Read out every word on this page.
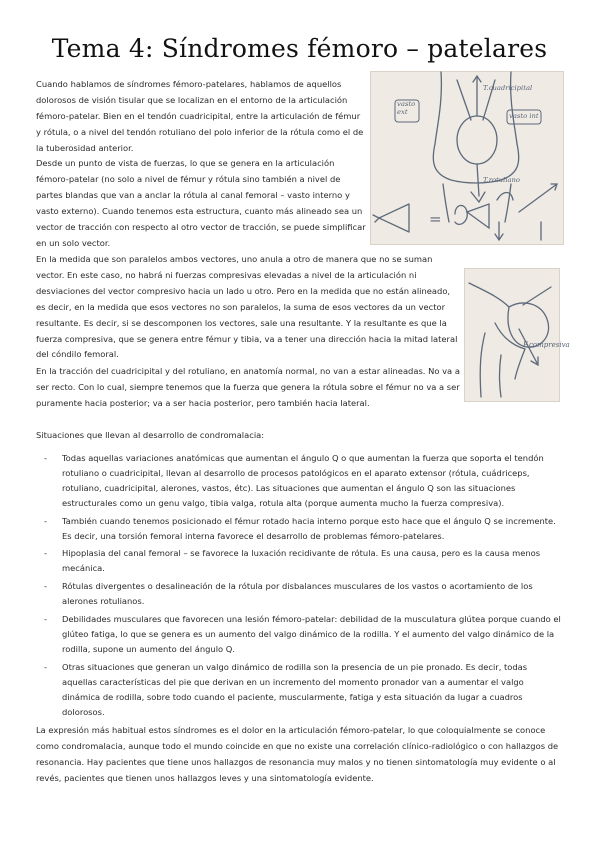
Tema 4: Síndromes fémoro – patelares

Cuando hablamos de síndromes fémoro-patelares, hablamos de aquellos dolorosos de visión tisular que se localizan en el entorno de la articulación fémoro-patelar. Bien en el tendón cuadricipital, entre la articulación de fémur y rótula, o a nivel del tendón rotuliano del polo inferior de la rótula como el de la tuberosidad anterior.

Desde un punto de vista de fuerzas, lo que se genera en la articulación fémoro-patelar (no solo a nivel de fémur y rótula sino también a nivel de partes blandas que van a anclar la rótula al canal femoral – vasto interno y vasto externo). Cuando tenemos esta estructura, cuanto más alineado sea un vector de tracción con respecto al otro vector de tracción, se puede simplificar en un solo vector.

vasto ext	vasto int
T.cuadricipital
T.rotuliano
=

En la medida que son paralelos ambos vectores, uno anula a otro de manera que no se suman vector. En este caso, no habrá ni fuerzas compresivas elevadas a nivel de la articulación ni desviaciones del vector compresivo hacia un lado u otro. Pero en la medida que no están alineado, es decir, en la medida que esos vectores no son paralelos, la suma de esos vectores da un vector resultante. Es decir, si se descomponen los vectores, sale una resultante. Y la resultante es que la fuerza compresiva, que se genera entre fémur y tibia, va a tener una dirección hacia la mitad lateral del cóndilo femoral.

F.compresiva

En la tracción del cuadricipital y del rotuliano, en anatomía normal, no van a estar alineadas. No va a ser recto. Con lo cual, siempre tenemos que la fuerza que genera la rótula sobre el fémur no va a ser puramente hacia posterior; va a ser hacia posterior, pero también hacia lateral.

Situaciones que llevan al desarrollo de condromalacia:

- Todas aquellas variaciones anatómicas que aumentan el ángulo Q o que aumentan la fuerza que soporta el tendón rotuliano o cuadricipital, llevan al desarrollo de procesos patológicos en el aparato extensor (rótula, cuádriceps, rotuliano, cuadricipital, alerones, vastos, étc). Las situaciones que aumentan el ángulo Q son las situaciones estructurales como un genu valgo, tibia valga, rotula alta (porque aumenta mucho la fuerza compresiva).
- También cuando tenemos posicionado el fémur rotado hacia interno porque esto hace que el ángulo Q se incremente. Es decir, una torsión femoral interna favorece el desarrollo de problemas fémoro-patelares.
- Hipoplasia del canal femoral – se favorece la luxación recidivante de rótula. Es una causa, pero es la causa menos mecánica.
- Rótulas divergentes o desalineación de la rótula por disbalances musculares de los vastos o acortamiento de los alerones rotulianos.
- Debilidades musculares que favorecen una lesión fémoro-patelar: debilidad de la musculatura glútea porque cuando el glúteo fatiga, lo que se genera es un aumento del valgo dinámico de la rodilla. Y el aumento del valgo dinámico de la rodilla, supone un aumento del ángulo Q.
- Otras situaciones que generan un valgo dinámico de rodilla son la presencia de un pie pronado. Es decir, todas aquellas características del pie que derivan en un incremento del momento pronador van a aumentar el valgo dinámica de rodilla, sobre todo cuando el paciente, muscularmente, fatiga y esta situación da lugar a cuadros dolorosos.

La expresión más habitual estos síndromes es el dolor en la articulación fémoro-patelar, lo que coloquialmente se conoce como condromalacia, aunque todo el mundo coincide en que no existe una correlación clínico-radiológico o con hallazgos de resonancia. Hay pacientes que tiene unos hallazgos de resonancia muy malos y no tienen sintomatología muy evidente o al revés, pacientes que tienen unos hallazgos leves y una sintomatología evidente.
